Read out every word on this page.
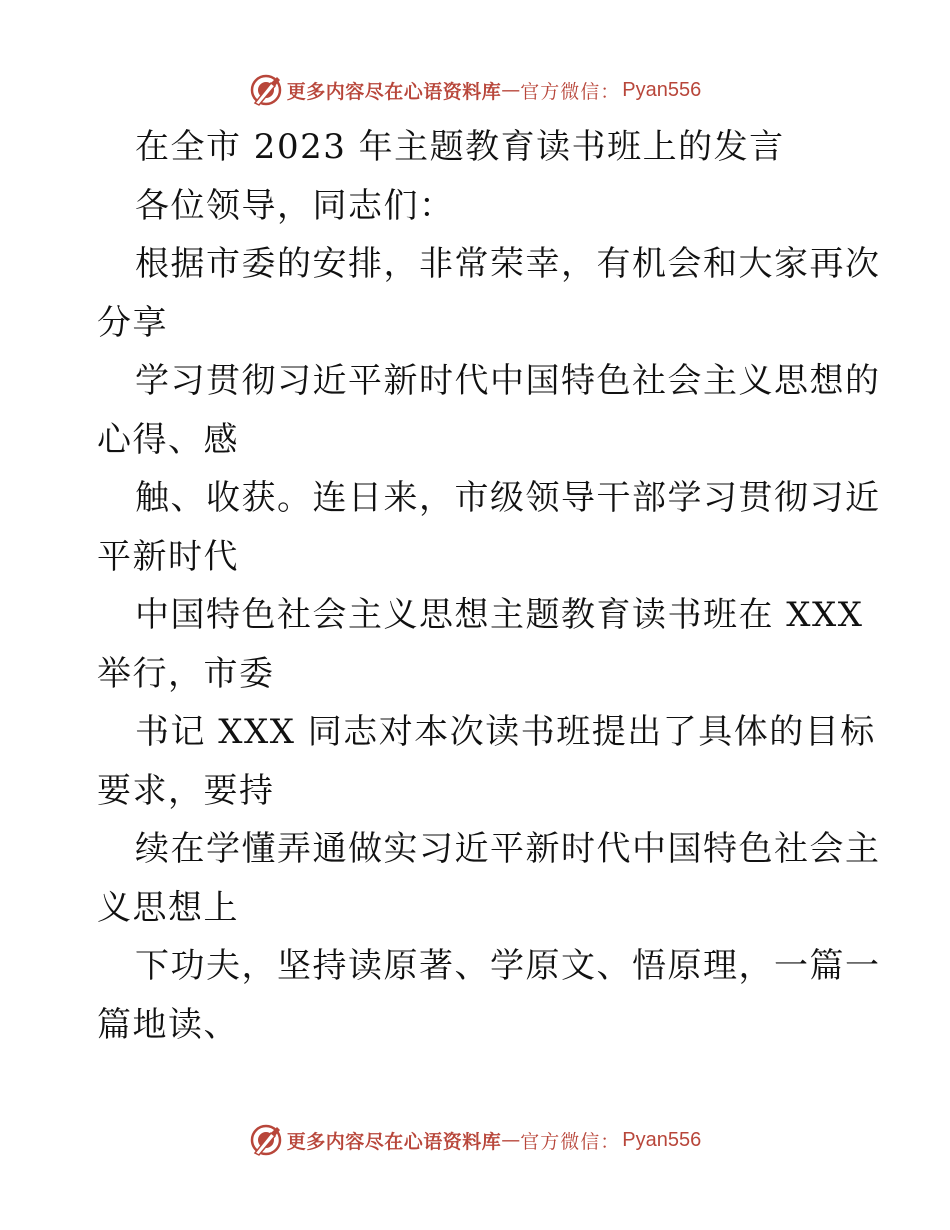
更多内容尽在心语资料库 — 官方微信： Pyan556
在全市 2023 年主题教育读书班上的发言
各位领导，同志们：
根据市委的安排，非常荣幸，有机会和大家再次
分享
学习贯彻习近平新时代中国特色社会主义思想的
心得、感
触、收获。连日来，市级领导干部学习贯彻习近
平新时代
中国特色社会主义思想主题教育读书班在 XXX
举行，市委
书记 XXX 同志对本次读书班提出了具体的目标
要求，要持
续在学懂弄通做实习近平新时代中国特色社会主
义思想上
下功夫，坚持读原著、学原文、悟原理，一篇一
篇地读、
更多内容尽在心语资料库 — 官方微信： Pyan556
